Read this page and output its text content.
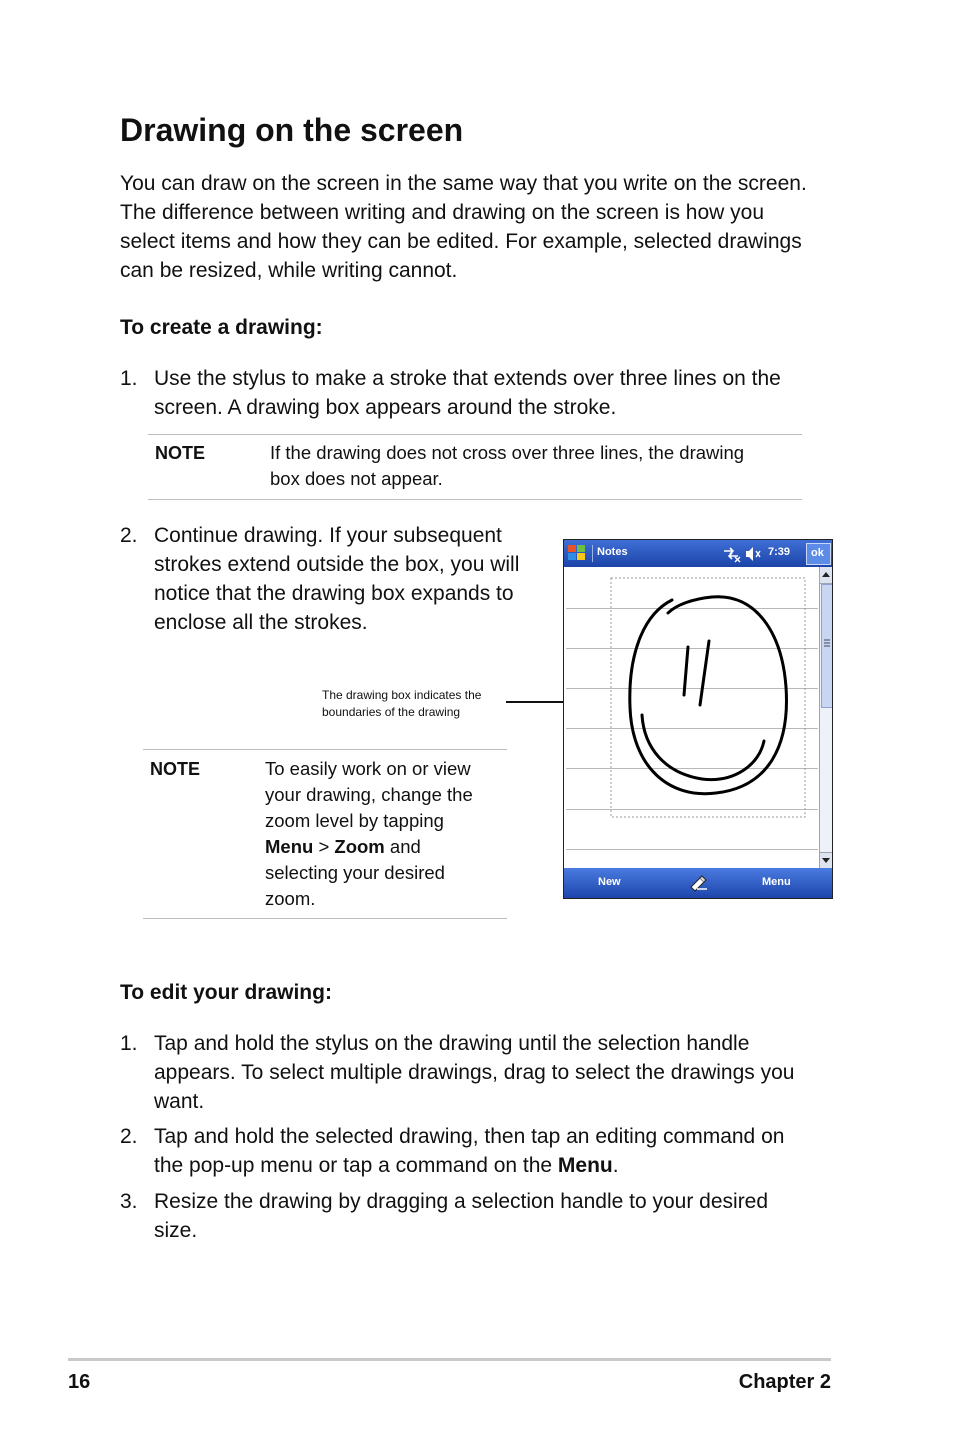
Drawing on the screen
You can draw on the screen in the same way that you write on the screen.
The difference between writing and drawing on the screen is how you
select items and how they can be edited. For example, selected drawings
can be resized, while writing cannot.
To create a drawing:
1. Use the stylus to make a stroke that extends over three lines on the
screen. A drawing box appears around the stroke.
NOTE	If the drawing does not cross over three lines, the drawing
box does not appear.
2. Continue drawing. If your subsequent
strokes extend outside the box, you will
notice that the drawing box expands to
enclose all the strokes.
The drawing box indicates the
boundaries of the drawing
NOTE	To easily work on or view
your drawing, change the
zoom level by tapping
Menu > Zoom and
selecting your desired
zoom.
Notes	7:39 ok
New	Menu
To edit your drawing:
1. Tap and hold the stylus on the drawing until the selection handle
appears. To select multiple drawings, drag to select the drawings you
want.
2. Tap and hold the selected drawing, then tap an editing command on
the pop-up menu or tap a command on the Menu.
3. Resize the drawing by dragging a selection handle to your desired
size.
16	Chapter 2
